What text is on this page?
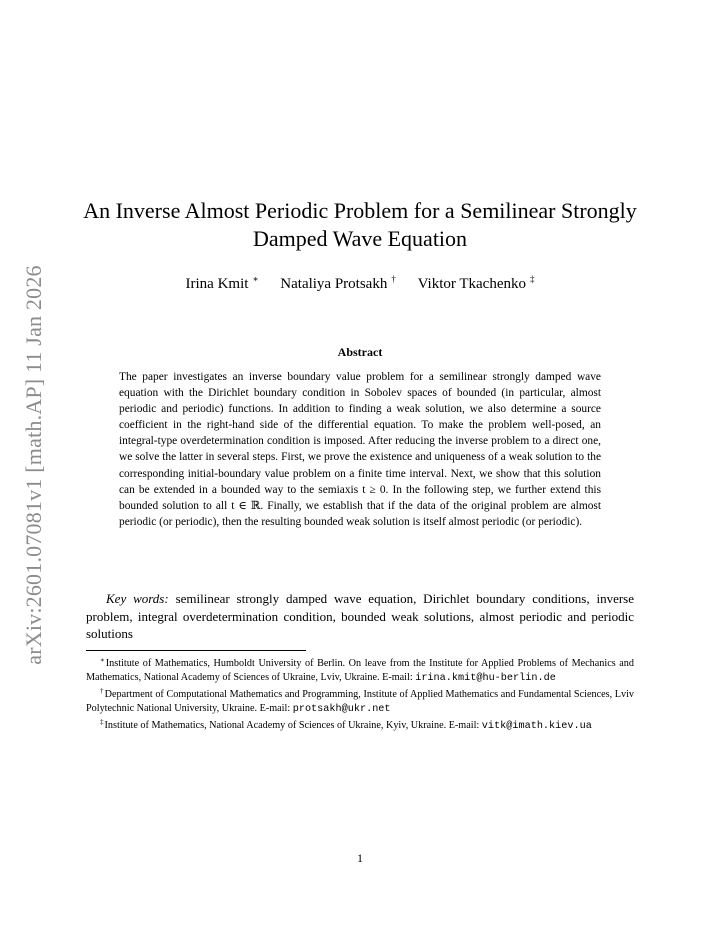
arXiv:2601.07081v1 [math.AP] 11 Jan 2026
An Inverse Almost Periodic Problem for a Semilinear Strongly Damped Wave Equation
Irina Kmit ∗ Nataliya Protsakh † Viktor Tkachenko ‡
Abstract
The paper investigates an inverse boundary value problem for a semilinear strongly damped wave equation with the Dirichlet boundary condition in Sobolev spaces of bounded (in particular, almost periodic and periodic) functions. In addition to finding a weak solution, we also determine a source coefficient in the right-hand side of the differential equation. To make the problem well-posed, an integral-type overdetermination condition is imposed. After reducing the inverse problem to a direct one, we solve the latter in several steps. First, we prove the existence and uniqueness of a weak solution to the corresponding initial-boundary value problem on a finite time interval. Next, we show that this solution can be extended in a bounded way to the semiaxis t ≥ 0. In the following step, we further extend this bounded solution to all t ∈ ℝ. Finally, we establish that if the data of the original problem are almost periodic (or periodic), then the resulting bounded weak solution is itself almost periodic (or periodic).
Key words: semilinear strongly damped wave equation, Dirichlet boundary conditions, inverse problem, integral overdetermination condition, bounded weak solutions, almost periodic and periodic solutions
∗Institute of Mathematics, Humboldt University of Berlin. On leave from the Institute for Applied Problems of Mechanics and Mathematics, National Academy of Sciences of Ukraine, Lviv, Ukraine. E-mail: irina.kmit@hu-berlin.de
†Department of Computational Mathematics and Programming, Institute of Applied Mathematics and Fundamental Sciences, Lviv Polytechnic National University, Ukraine. E-mail: protsakh@ukr.net
‡Institute of Mathematics, National Academy of Sciences of Ukraine, Kyiv, Ukraine. E-mail: vitk@imath.kiev.ua
1
